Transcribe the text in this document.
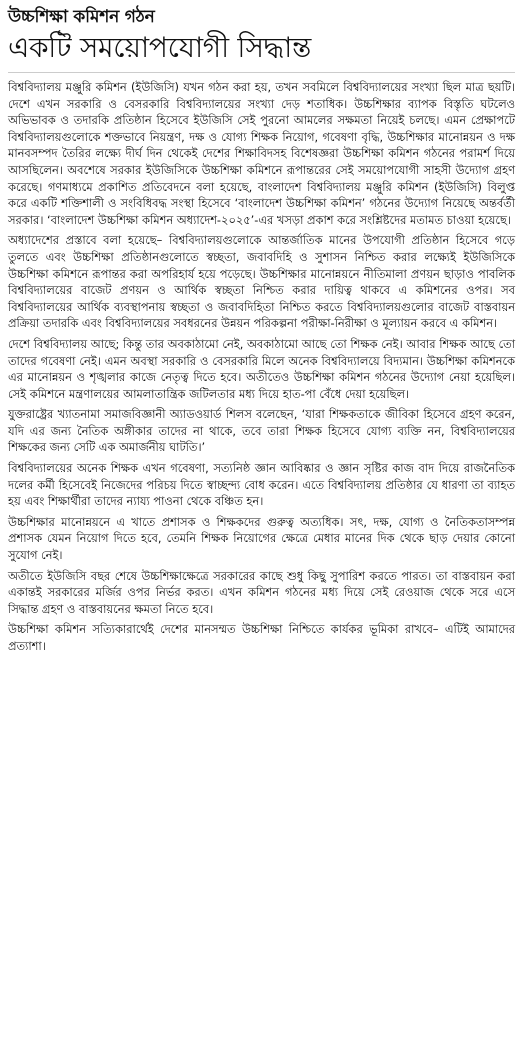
উচ্চশিক্ষা কমিশন গঠন
একটি সময়োপযোগী সিদ্ধান্ত

বিশ্ববিদ্যালয় মঞ্জুরি কমিশন (ইউজিসি) যখন গঠন করা হয়, তখন সবমিলে বিশ্ববিদ্যালয়ের সংখ্যা ছিল মাত্র ছয়টি। দেশে এখন সরকারি ও বেসরকারি বিশ্ববিদ্যালয়ের সংখ্যা দেড় শতাধিক। উচ্চশিক্ষার ব্যাপক বিস্তৃতি ঘটলেও অভিভাবক ও তদারকি প্রতিষ্ঠান হিসেবে ইউজিসি সেই পুরনো আমলের সক্ষমতা নিয়েই চলছে। এমন প্রেক্ষাপটে বিশ্ববিদ্যালয়গুলোকে শক্তভাবে নিয়ন্ত্রণ, দক্ষ ও যোগ্য শিক্ষক নিয়োগ, গবেষণা বৃদ্ধি, উচ্চশিক্ষার মানোন্নয়ন ও দক্ষ মানবসম্পদ তৈরির লক্ষ্যে দীর্ঘ দিন থেকেই দেশের শিক্ষাবিদসহ বিশেষজ্ঞরা উচ্চশিক্ষা কমিশন গঠনের পরামর্শ দিয়ে আসছিলেন। অবশেষে সরকার ইউজিসিকে উচ্চশিক্ষা কমিশনে রূপান্তরের সেই সময়োপযোগী সাহসী উদ্যোগ গ্রহণ করেছে। গণমাধ্যমে প্রকাশিত প্রতিবেদনে বলা হয়েছে, বাংলাদেশ বিশ্ববিদ্যালয় মঞ্জুরি কমিশন (ইউজিসি) বিলুপ্ত করে একটি শক্তিশালী ও সংবিধিবদ্ধ সংস্থা হিসেবে ‘বাংলাদেশ উচ্চশিক্ষা কমিশন’ গঠনের উদ্যোগ নিয়েছে অন্তর্বর্তী সরকার। ‘বাংলাদেশ উচ্চশিক্ষা কমিশন অধ্যাদেশ-২০২৫’-এর খসড়া প্রকাশ করে সংশ্লিষ্টদের মতামত চাওয়া হয়েছে।

অধ্যাদেশের প্রস্তাবে বলা হয়েছে– বিশ্ববিদ্যালয়গুলোকে আন্তর্জাতিক মানের উপযোগী প্রতিষ্ঠান হিসেবে গড়ে তুলতে এবং উচ্চশিক্ষা প্রতিষ্ঠানগুলোতে স্বচ্ছতা, জবাবদিহি ও সুশাসন নিশ্চিত করার লক্ষ্যেই ইউজিসিকে উচ্চশিক্ষা কমিশনে রূপান্তর করা অপরিহার্য হয়ে পড়েছে। উচ্চশিক্ষার মানোন্নয়নে নীতিমালা প্রণয়ন ছাড়াও পাবলিক বিশ্ববিদ্যালয়ের বাজেট প্রণয়ন ও আর্থিক স্বচ্ছতা নিশ্চিত করার দায়িত্ব থাকবে এ কমিশনের ওপর। সব বিশ্ববিদ্যালয়ের আর্থিক ব্যবস্থাপনায় স্বচ্ছতা ও জবাবদিহিতা নিশ্চিত করতে বিশ্ববিদ্যালয়গুলোর বাজেট বাস্তবায়ন প্রক্রিয়া তদারকি এবং বিশ্ববিদ্যালয়ের সবধরনের উন্নয়ন পরিকল্পনা পরীক্ষা-নিরীক্ষা ও মূল্যায়ন করবে এ কমিশন।

দেশে বিশ্ববিদ্যালয় আছে; কিন্তু তার অবকাঠামো নেই, অবকাঠামো আছে তো শিক্ষক নেই। আবার শিক্ষক আছে তো তাদের গবেষণা নেই। এমন অবস্থা সরকারি ও বেসরকারি মিলে অনেক বিশ্ববিদ্যালয়ে বিদ্যমান। উচ্চশিক্ষা কমিশনকে এর মানোন্নয়ন ও শৃঙ্খলার কাজে নেতৃত্ব দিতে হবে। অতীতেও উচ্চশিক্ষা কমিশন গঠনের উদ্যোগ নেয়া হয়েছিল। সেই কমিশনে মন্ত্রণালয়ের আমলাতান্ত্রিক জটিলতার মধ্য দিয়ে হাত-পা বেঁধে দেয়া হয়েছিল।

যুক্তরাষ্ট্রের খ্যাতনামা সমাজবিজ্ঞানী অ্যাডওয়ার্ড শিলস বলেছেন, ‘যারা শিক্ষকতাকে জীবিকা হিসেবে গ্রহণ করেন, যদি এর জন্য নৈতিক অঙ্গীকার তাদের না থাকে, তবে তারা শিক্ষক হিসেবে যোগ্য ব্যক্তি নন, বিশ্ববিদ্যালয়ের শিক্ষকের জন্য সেটি এক অমার্জনীয় ঘাটতি।’

বিশ্ববিদ্যালয়ের অনেক শিক্ষক এখন গবেষণা, সত্যনিষ্ঠ জ্ঞান আবিষ্কার ও জ্ঞান সৃষ্টির কাজ বাদ দিয়ে রাজনৈতিক দলের কর্মী হিসেবেই নিজেদের পরিচয় দিতে স্বাচ্ছন্দ্য বোধ করেন। এতে বিশ্ববিদ্যালয় প্রতিষ্ঠার যে ধারণা তা ব্যাহত হয় এবং শিক্ষার্থীরা তাদের ন্যায্য পাওনা থেকে বঞ্চিত হন।

উচ্চশিক্ষার মানোন্নয়নে এ খাতে প্রশাসক ও শিক্ষকদের গুরুত্ব অত্যধিক। সৎ, দক্ষ, যোগ্য ও নৈতিকতাসম্পন্ন প্রশাসক যেমন নিয়োগ দিতে হবে, তেমনি শিক্ষক নিয়োগের ক্ষেত্রে মেধার মানের দিক থেকে ছাড় দেয়ার কোনো সুযোগ নেই।

অতীতে ইউজিসি বছর শেষে উচ্চশিক্ষাক্ষেত্রে সরকারের কাছে শুধু কিছু সুপারিশ করতে পারত। তা বাস্তবায়ন করা একান্তই সরকারের মর্জির ওপর নির্ভর করত। এখন কমিশন গঠনের মধ্য দিয়ে সেই রেওয়াজ থেকে সরে এসে সিদ্ধান্ত গ্রহণ ও বাস্তবায়নের ক্ষমতা নিতে হবে।

উচ্চশিক্ষা কমিশন সত্যিকারার্থেই দেশের মানসম্মত উচ্চশিক্ষা নিশ্চিতে কার্যকর ভূমিকা রাখবে– এটিই আমাদের প্রত্যাশা।
